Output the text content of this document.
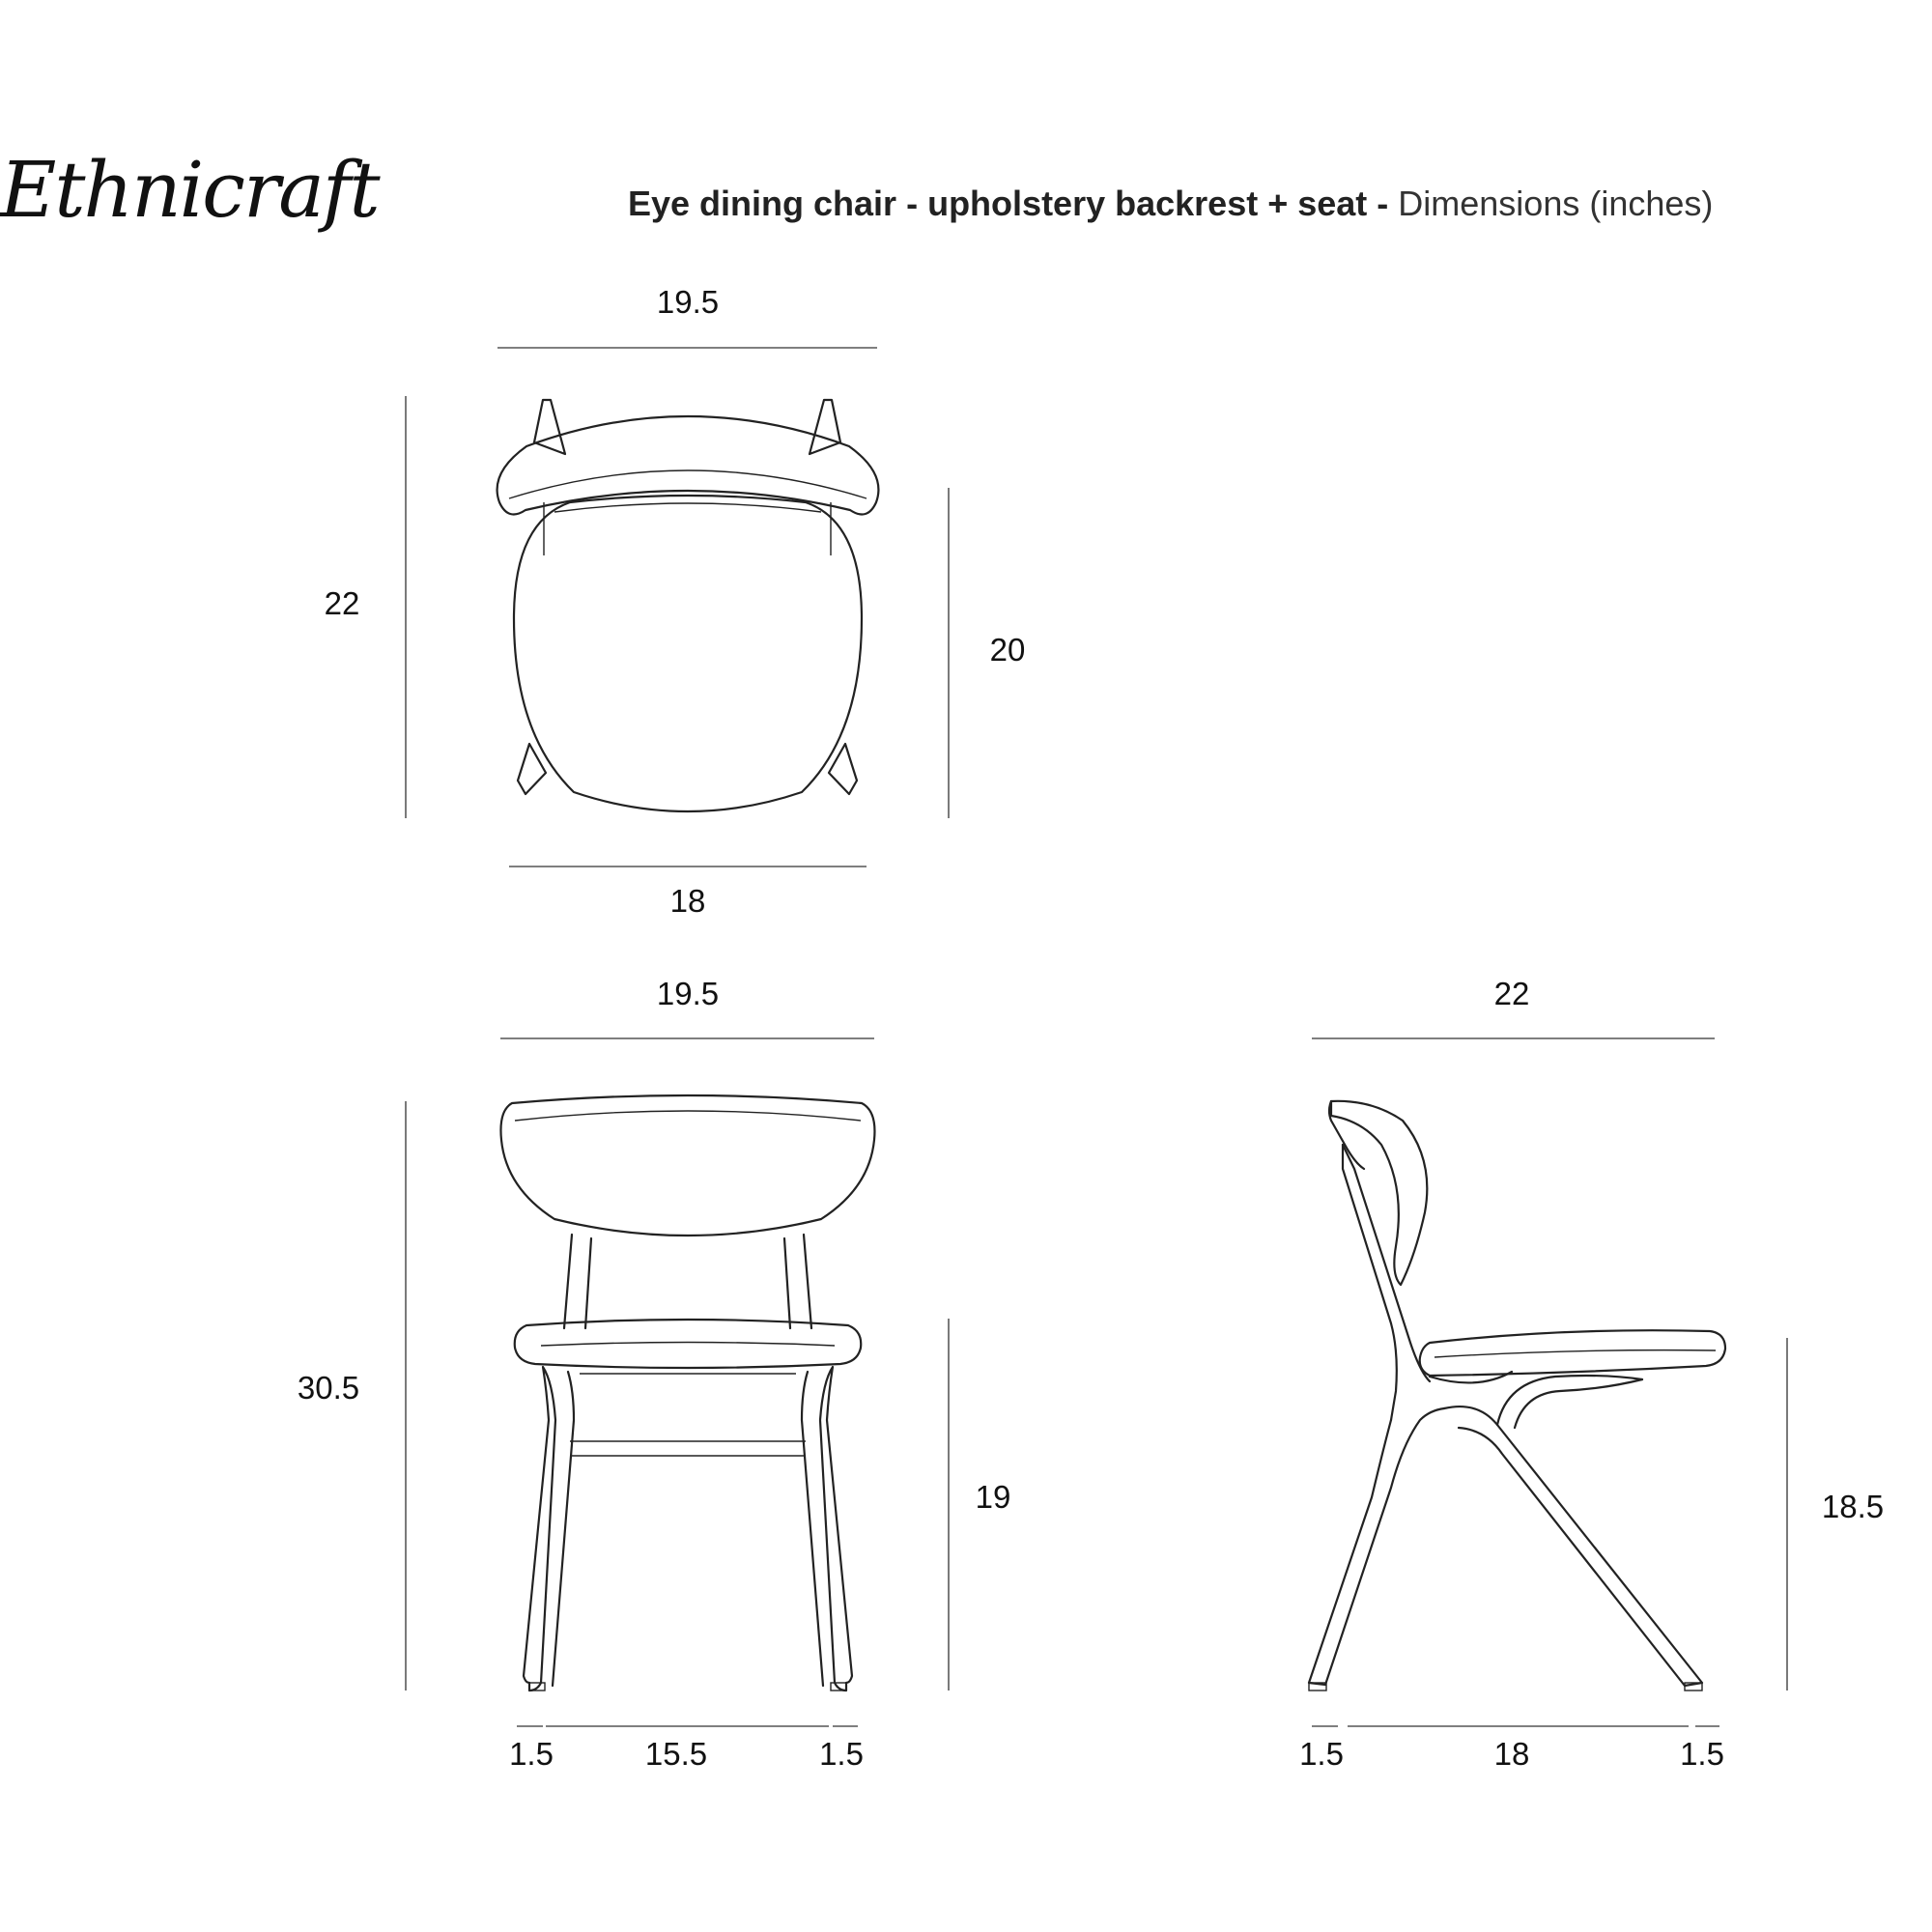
Ethnicraft	Eye dining chair - upholstery backrest + seat - Dimensions (inches)
19.5
22
20
18
19.5
30.5
19
1.5	15.5	1.5
22
18.5
1.5	18	1.5
